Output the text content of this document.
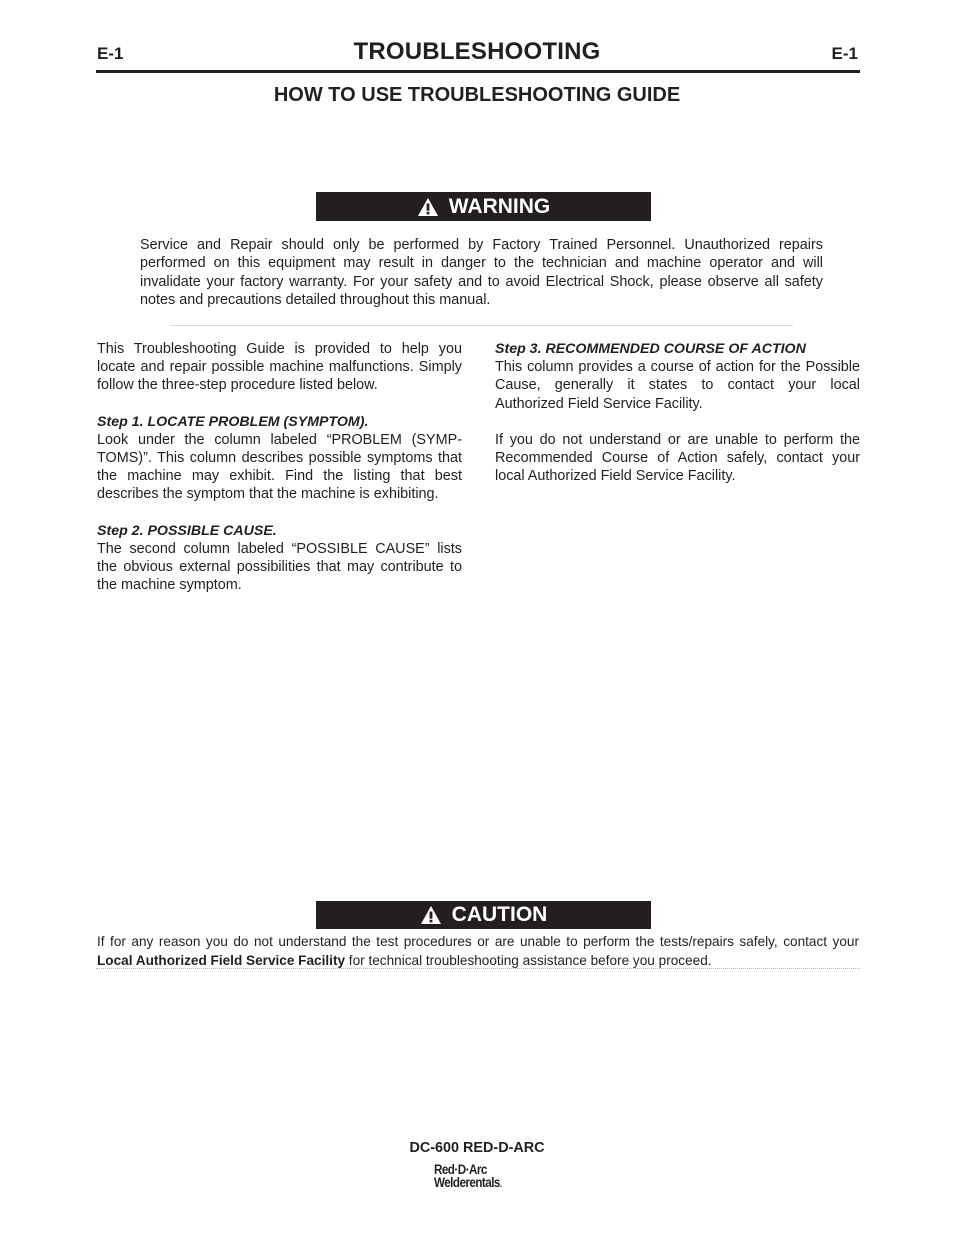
E-1	TROUBLESHOOTING	E-1
HOW TO USE TROUBLESHOOTING GUIDE
WARNING
Service and Repair should only be performed by Factory Trained Personnel. Unauthorized repairs performed on this equipment may result in danger to the technician and machine operator and will invalidate your factory warranty. For your safety and to avoid Electrical Shock, please observe all safety notes and precautions detailed throughout this manual.

This Troubleshooting Guide is provided to help you locate and repair possible machine malfunctions. Simply follow the three-step procedure listed below.

Step 1. LOCATE PROBLEM (SYMPTOM).

Look under the column labeled “PROBLEM (SYMP-TOMS)”. This column describes possible symptoms that the machine may exhibit. Find the listing that best describes the symptom that the machine is exhibiting.

Step 2. POSSIBLE CAUSE.

The second column labeled “POSSIBLE CAUSE” lists the obvious external possibilities that may contribute to the machine symptom.

Step 3. RECOMMENDED COURSE OF ACTION

This column provides a course of action for the Possible Cause, generally it states to contact your local Authorized Field Service Facility.

If you do not understand or are unable to perform the Recommended Course of Action safely, contact your local Authorized Field Service Facility.

CAUTION
If for any reason you do not understand the test procedures or are unable to perform the tests/repairs safely, contact your
Local Authorized Field Service Facility for technical troubleshooting assistance before you proceed.
DC-600 RED-D-ARC
Red·D·Arc
Welderentals.
